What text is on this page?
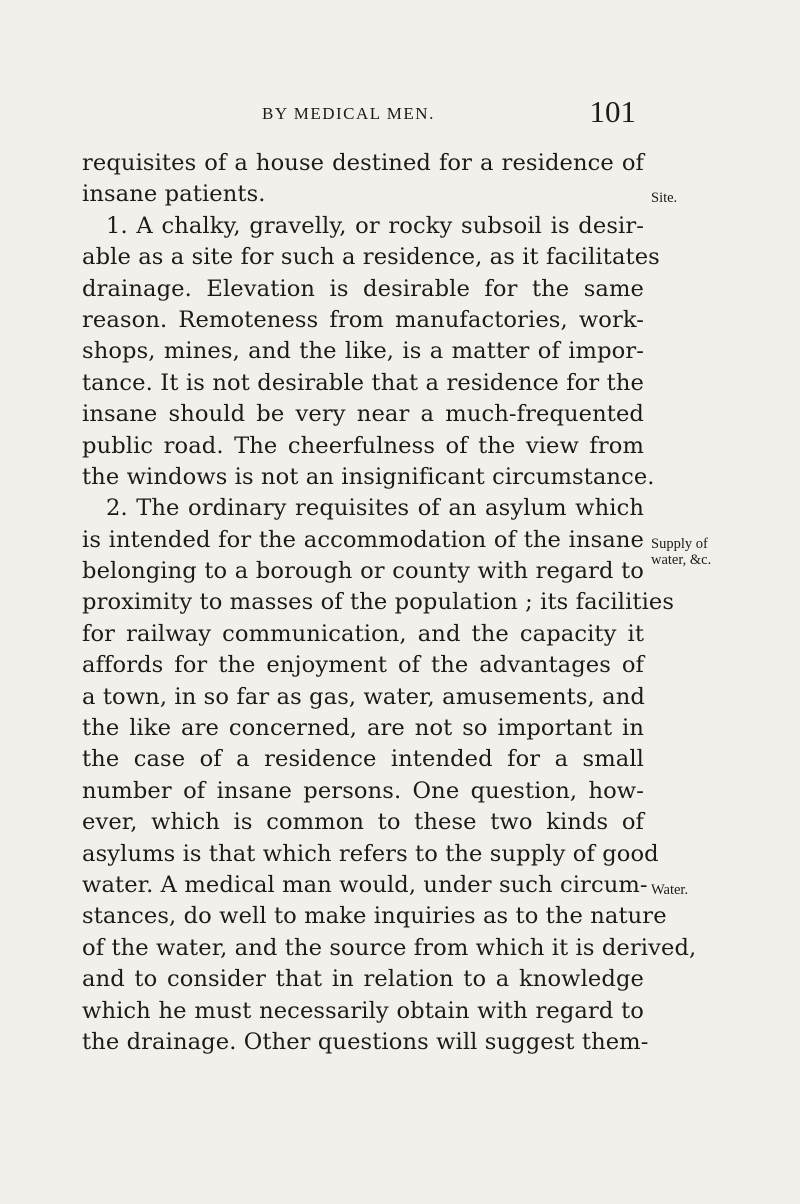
BY MEDICAL MEN.	101
requisites of a house destined for a residence of
insane patients.
1. A chalky, gravelly, or rocky subsoil is desir-
able as a site for such a residence, as it facilitates
drainage. Elevation is desirable for the same
reason. Remoteness from manufactories, work-
shops, mines, and the like, is a matter of impor-
tance. It is not desirable that a residence for the
insane should be very near a much-frequented
public road. The cheerfulness of the view from
the windows is not an insignificant circumstance.
2. The ordinary requisites of an asylum which
is intended for the accommodation of the insane
belonging to a borough or county with regard to
proximity to masses of the population ; its facilities
for railway communication, and the capacity it
affords for the enjoyment of the advantages of
a town, in so far as gas, water, amusements, and
the like are concerned, are not so important in
the case of a residence intended for a small
number of insane persons. One question, how-
ever, which is common to these two kinds of
asylums is that which refers to the supply of good
water. A medical man would, under such circum-
stances, do well to make inquiries as to the nature
of the water, and the source from which it is derived,
and to consider that in relation to a knowledge
which he must necessarily obtain with regard to
the drainage. Other questions will suggest them-
Site.
Supply of
water, &c.
Water.
